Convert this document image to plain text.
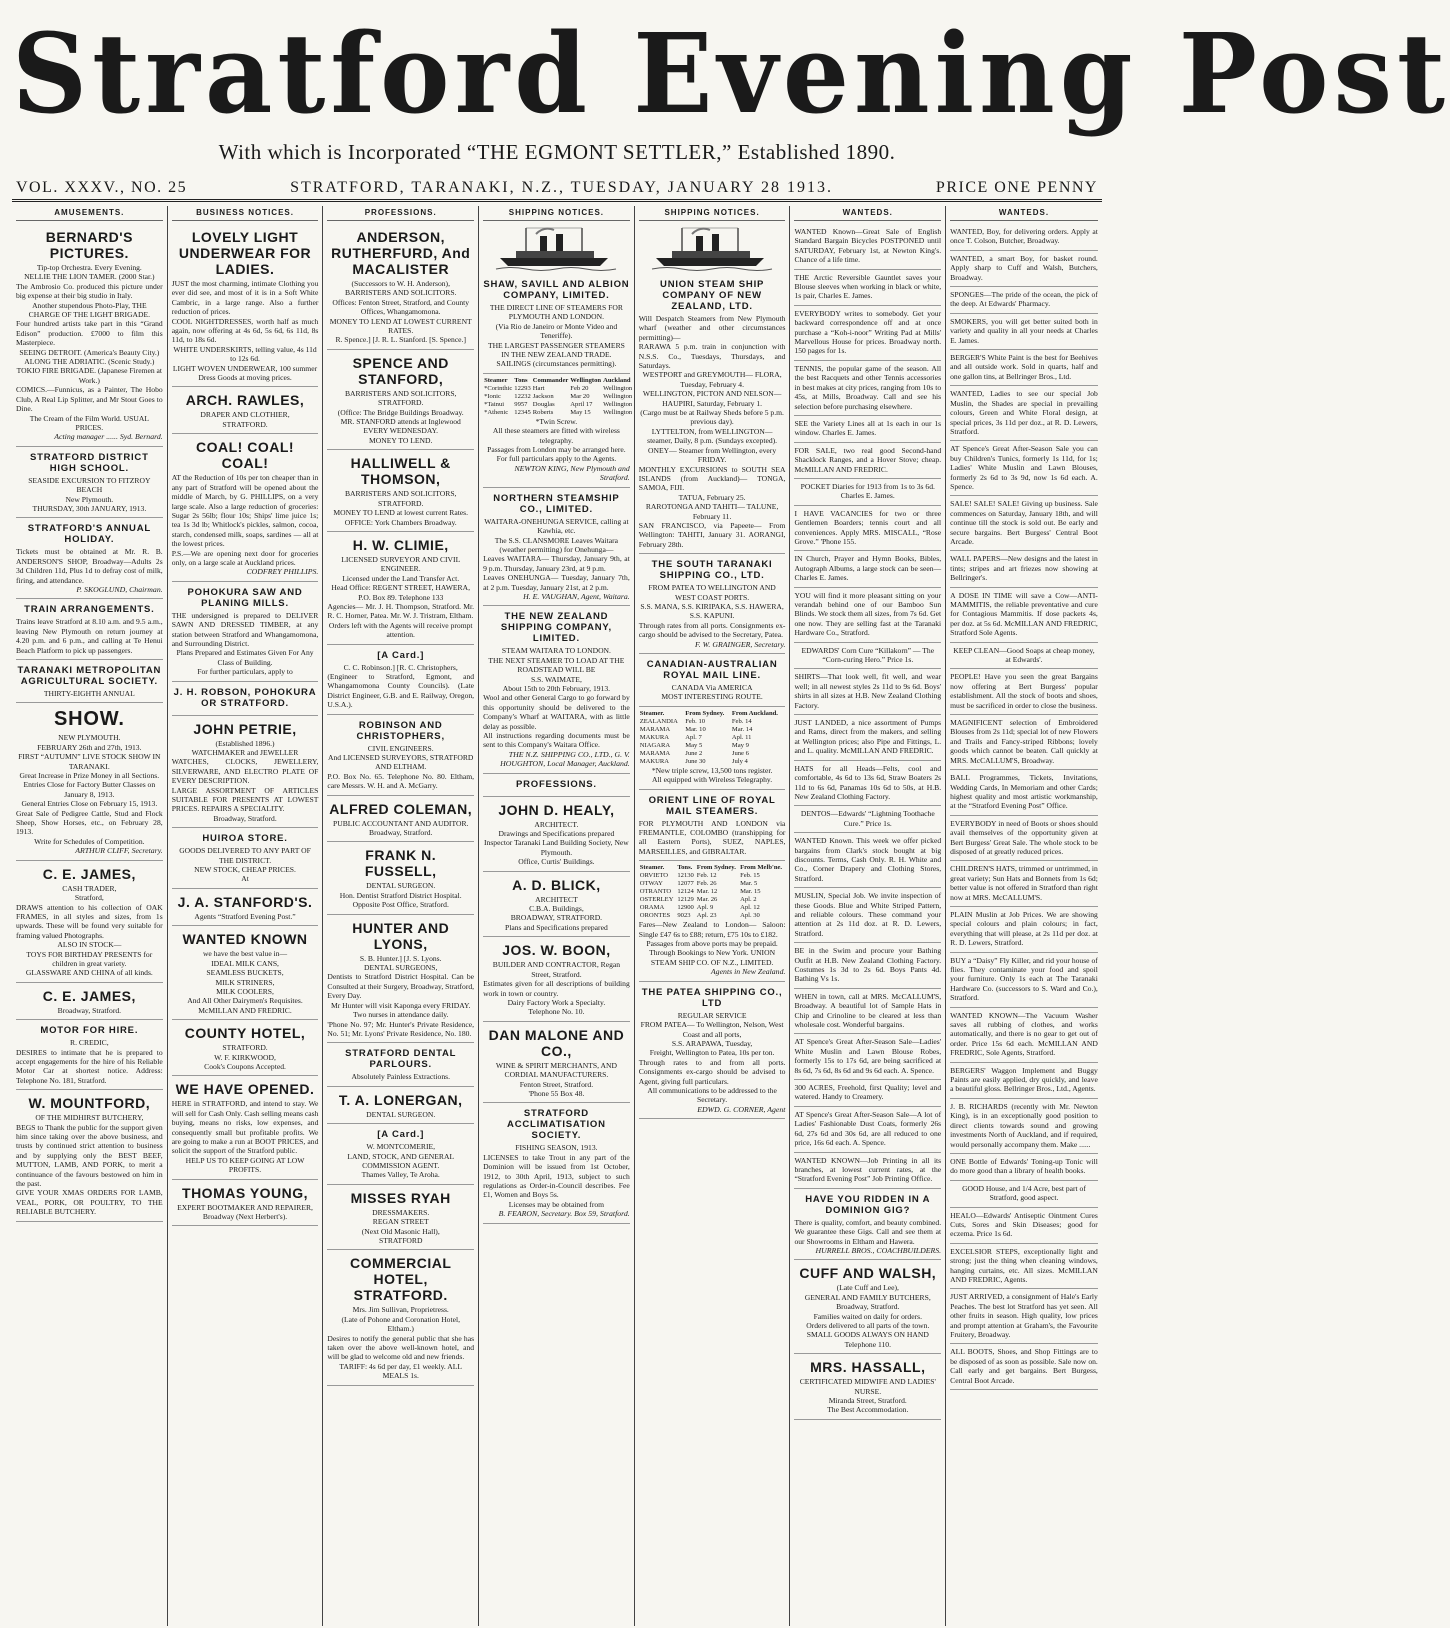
Stratford Evening Post
With which is Incorporated “THE EGMONT SETTLER,” Established 1890.
VOL. XXXV., NO. 25	STRATFORD, TARANAKI, N.Z., TUESDAY, JANUARY 28 1913.	PRICE ONE PENNY
AMUSEMENTS.
BERNARD'S PICTURES.
Tip-top Orchestra. Every Evening.
NELLIE THE LION TAMER. (2000 Star.)
The Ambrosio Co. produced this picture under big expense at their big studio in Italy.
Another stupendous Photo-Play, THE CHARGE OF THE LIGHT BRIGADE.
Four hundred artists take part in this “Grand Edison” production. £7000 to film this Masterpiece.
SEEING DETROIT. (America's Beauty City.)
ALONG THE ADRIATIC. (Scenic Study.)
TOKIO FIRE BRIGADE. (Japanese Firemen at Work.)
COMICS.—Funnicus, as a Painter, The Hobo Club, A Real Lip Splitter, and Mr Stout Goes to Dine.
The Cream of the Film World. USUAL PRICES.
Acting manager ...... Syd. Bernard.
STRATFORD DISTRICT HIGH SCHOOL.
SEASIDE EXCURSION TO FITZROY BEACH
New Plymouth.
THURSDAY, 30th JANUARY, 1913.
STRATFORD'S ANNUAL HOLIDAY.
Tickets must be obtained at Mr. R. B. ANDERSON'S SHOP, Broadway—Adults 2s 3d Children 11d, Plus 1d to defray cost of milk, firing, and attendance.
P. SKOGLUND, Chairman.
TRAIN ARRANGEMENTS.
Trains leave Stratford at 8.10 a.m. and 9.5 a.m., leaving New Plymouth on return journey at 4.20 p.m. and 6 p.m., and calling at Te Henui Beach Platform to pick up passengers.
TARANAKI METROPOLITAN AGRICULTURAL SOCIETY.
THIRTY-EIGHTH ANNUAL
SHOW.
NEW PLYMOUTH.
FEBRUARY 26th and 27th, 1913.
FIRST “AUTUMN” LIVE STOCK SHOW IN TARANAKI.
Great Increase in Prize Money in all Sections.
Entries Close for Factory Butter Classes on January 8, 1913.
General Entries Close on February 15, 1913.
Great Sale of Pedigree Cattle, Stud and Flock Sheep, Show Horses, etc., on February 28, 1913.
Write for Schedules of Competition.
ARTHUR CLIFF, Secretary.
C. E. JAMES,
CASH TRADER,
Stratford,
DRAWS attention to his collection of OAK FRAMES, in all styles and sizes, from 1s upwards. These will be found very suitable for framing valued Photographs.
ALSO IN STOCK—
TOYS FOR BIRTHDAY PRESENTS for children in great variety.
GLASSWARE AND CHINA of all kinds.
C. E. JAMES,
Broadway, Stratford.
MOTOR FOR HIRE.
R. CREDIC,
DESIRES to intimate that he is prepared to accept engagements for the hire of his Reliable Motor Car at shortest notice. Address: Telephone No. 181, Stratford.
W. MOUNTFORD,
OF THE MIDHIRST BUTCHERY,
BEGS to Thank the public for the support given him since taking over the above business, and trusts by continued strict attention to business and by supplying only the BEST BEEF, MUTTON, LAMB, AND PORK, to merit a continuance of the favours bestowed on him in the past.
GIVE YOUR XMAS ORDERS FOR LAMB, VEAL, PORK, OR POULTRY, TO THE RELIABLE BUTCHERY.
BUSINESS NOTICES.
LOVELY LIGHT UNDERWEAR FOR LADIES.
JUST the most charming, intimate Clothing you ever did see, and most of it is in a Soft White Cambric, in a large range. Also a further reduction of prices.
COOL NIGHTDRESSES, worth half as much again, now offering at 4s 6d, 5s 6d, 6s 11d, 8s 11d, to 18s 6d.
WHITE UNDERSKIRTS, telling value, 4s 11d to 12s 6d.
LIGHT WOVEN UNDERWEAR, 100 summer Dress Goods at moving prices.
ARCH. RAWLES,
DRAPER AND CLOTHIER,
STRATFORD.
COAL! COAL! COAL!
AT the Reduction of 10s per ton cheaper than in any part of Stratford will be opened about the middle of March, by G. PHILLIPS, on a very large scale. Also a large reduction of groceries: Sugar 2s 56lb; flour 10s; Ships' lime juice 1s; tea 1s 3d lb; Whitlock's pickles, salmon, cocoa, starch, condensed milk, soaps, sardines — all at the lowest prices.
P.S.—We are opening next door for groceries only, on a large scale at Auckland prices.
CODFREY PHILLIPS.
POHOKURA SAW AND PLANING MILLS.
THE undersigned is prepared to DELIVER SAWN AND DRESSED TIMBER, at any station between Stratford and Whangamomona, and Surrounding District.
Plans Prepared and Estimates Given For Any Class of Building.
For further particulars, apply to
J. H. ROBSON, POHOKURA OR STRATFORD.
JOHN PETRIE,
(Established 1896.)
WATCHMAKER and JEWELLER
WATCHES, CLOCKS, JEWELLERY, SILVERWARE, AND ELECTRO PLATE OF EVERY DESCRIPTION.
LARGE ASSORTMENT OF ARTICLES SUITABLE FOR PRESENTS AT LOWEST PRICES. REPAIRS A SPECIALITY.
Broadway, Stratford.
HUIROA STORE.
GOODS DELIVERED TO ANY PART OF THE DISTRICT.
NEW STOCK, CHEAP PRICES.
At
J. A. STANFORD'S.
Agents “Stratford Evening Post.”
WANTED KNOWN
we have the best value in—
IDEAL MILK CANS,
SEAMLESS BUCKETS,
MILK STRINERS,
MILK COOLERS,
And All Other Dairymen's Requisites.
McMILLAN AND FREDRIC.
COUNTY HOTEL,
STRATFORD.
W. F. KIRKWOOD,
Cook's Coupons Accepted.
WE HAVE OPENED.
HERE in STRATFORD, and intend to stay. We will sell for Cash Only. Cash selling means cash buying, means no risks, low expenses, and consequently small but profitable profits. We are going to make a run at BOOT PRICES, and solicit the support of the Stratford public.
HELP US TO KEEP GOING AT LOW PROFITS.
THOMAS YOUNG,
EXPERT BOOTMAKER AND REPAIRER,
Broadway (Next Herbert's).
PROFESSIONS.
ANDERSON, RUTHERFURD, And MACALISTER
(Successors to W. H. Anderson),
BARRISTERS AND SOLICITORS.
Offices: Fenton Street, Stratford, and County Offices, Whangamomona.
MONEY TO LEND AT LOWEST CURRENT RATES.
R. Spence.] [J. R. L. Stanford. [S. Spence.]
SPENCE AND STANFORD,
BARRISTERS AND SOLICITORS, STRATFORD.
(Office: The Bridge Buildings Broadway.
MR. STANFORD attends at Inglewood EVERY WEDNESDAY.
MONEY TO LEND.
HALLIWELL & THOMSON,
BARRISTERS AND SOLICITORS, STRATFORD.
MONEY TO LEND at lowest current Rates.
OFFICE: York Chambers Broadway.
H. W. CLIMIE,
LICENSED SURVEYOR AND CIVIL ENGINEER.
Licensed under the Land Transfer Act.
Head Office: REGENT STREET, HAWERA, P.O. Box 89. Telephone 133
Agencies— Mr. J. H. Thompson, Stratford. Mr. R. C. Horner, Patea. Mr. W. J. Tristram, Eltham.
Orders left with the Agents will receive prompt attention.
[A Card.]
C. C. Robinson.] [R. C. Christophers,
(Engineer to Stratford, Egmont, and Whangamomona County Councils). (Late District Engineer, G.B. and E. Railway, Oregon, U.S.A.).
ROBINSON AND CHRISTOPHERS,
CIVIL ENGINEERS.
And LICENSED SURVEYORS, STRATFORD AND ELTHAM.
P.O. Box No. 65. Telephone No. 80. Eltham, care Messrs. W. H. and A. McGarry.
ALFRED COLEMAN,
PUBLIC ACCOUNTANT AND AUDITOR.
Broadway, Stratford.
FRANK N. FUSSELL,
DENTAL SURGEON.
Hon. Dentist Stratford District Hospital.
Opposite Post Office, Stratford.
HUNTER AND LYONS,
S. B. Hunter.] [J. S. Lyons.
DENTAL SURGEONS,
Dentists to Stratford District Hospital. Can be Consulted at their Surgery, Broadway, Stratford, Every Day.
Mr Hunter will visit Kaponga every FRIDAY.
Two nurses in attendance daily.
'Phone No. 97; Mr. Hunter's Private Residence, No. 51; Mr. Lyons' Private Residence, No. 180.
STRATFORD DENTAL PARLOURS.
Absolutely Painless Extractions.
T. A. LONERGAN,
DENTAL SURGEON.
[A Card.]
W. MONTCOMERIE,
LAND, STOCK, AND GENERAL COMMISSION AGENT.
Thames Valley, Te Aroha.
MISSES RYAH
DRESSMAKERS.
REGAN STREET
(Next Old Masonic Hall),
STRATFORD
COMMERCIAL HOTEL, STRATFORD.
Mrs. Jim Sullivan, Proprietress.
(Late of Pohone and Coronation Hotel, Eltham.)
Desires to notify the general public that she has taken over the above well-known hotel, and will be glad to welcome old and new friends.
TARIFF: 4s 6d per day, £1 weekly. ALL MEALS 1s.
SHIPPING NOTICES.
SHAW, SAVILL AND ALBION COMPANY, LIMITED.
THE DIRECT LINE OF STEAMERS FOR PLYMOUTH AND LONDON.
(Via Rio de Janeiro or Monte Video and Teneriffe).
THE LARGEST PASSENGER STEAMERS IN THE NEW ZEALAND TRADE.
SAILINGS (circumstances permitting).
Steamer	Tons	Commander	Wellington	Auckland
*Corinthic	12293	Hart	Feb 20	Wellington
*Ionic	12232	Jackson	Mar 20	Wellington
*Tainui	9957	Douglas	April 17	Wellington
*Athenic	12345	Roberts	May 15	Wellington
*Twin Screw.
All these steamers are fitted with wireless telegraphy.
Passages from London may be arranged here.
For full particulars apply to the Agents.
NEWTON KING, New Plymouth and Stratford.
NORTHERN STEAMSHIP CO., LIMITED.
WAITARA-ONEHUNGA SERVICE, calling at Kawhia, etc.
The S.S. CLANSMORE Leaves Waitara (weather permitting) for Onehunga—
Leaves WAITARA— Thursday, January 9th, at 9 p.m. Thursday, January 23rd, at 9 p.m.
Leaves ONEHUNGA— Tuesday, January 7th, at 2 p.m. Tuesday, January 21st, at 2 p.m.
H. E. VAUGHAN, Agent, Waitara.
THE NEW ZEALAND SHIPPING COMPANY, LIMITED.
STEAM WAITARA TO LONDON.
THE NEXT STEAMER TO LOAD AT THE ROADSTEAD WILL BE
S.S. WAIMATE,
About 15th to 20th February, 1913.
Wool and other General Cargo to go forward by this opportunity should be delivered to the Company's Wharf at WAITARA, with as little delay as possible.
All instructions regarding documents must be sent to this Company's Waitara Office.
THE N.Z. SHIPPING CO., LTD., G. V. HOUGHTON, Local Manager, Auckland.
PROFESSIONS.
JOHN D. HEALY,
ARCHITECT.
Drawings and Specifications prepared
Inspector Taranaki Land Building Society, New Plymouth.
Office, Curtis' Buildings.
A. D. BLICK,
ARCHITECT
C.B.A. Buildings,
BROADWAY, STRATFORD.
Plans and Specifications prepared
JOS. W. BOON,
BUILDER AND CONTRACTOR, Regan Street, Stratford.
Estimates given for all descriptions of building work in town or country.
Dairy Factory Work a Specialty.
Telephone No. 10.
DAN MALONE AND CO.,
WINE & SPIRIT MERCHANTS, AND
CORDIAL MANUFACTURERS.
Fenton Street, Stratford.
'Phone 55 Box 48.
STRATFORD ACCLIMATISATION SOCIETY.
FISHING SEASON, 1913.
LICENSES to take Trout in any part of the Dominion will be issued from 1st October, 1912, to 30th April, 1913, subject to such regulations as Order-in-Council describes. Fee £1, Women and Boys 5s.
Licenses may be obtained from
B. FEARON, Secretary. Box 59, Stratford.
SHIPPING NOTICES.
UNION STEAM SHIP COMPANY OF NEW ZEALAND, LTD.
Will Despatch Steamers from New Plymouth wharf (weather and other circumstances permitting)—
RARAWA 5 p.m. train in conjunction with N.S.S. Co., Tuesdays, Thursdays, and Saturdays.
WESTPORT and GREYMOUTH— FLORA, Tuesday, February 4.
WELLINGTON, PICTON AND NELSON— HAUPIRI, Saturday, February 1.
(Cargo must be at Railway Sheds before 5 p.m. previous day).
LYTTELTON, from WELLINGTON— steamer, Daily, 8 p.m. (Sundays excepted).
ONEY— Steamer from Wellington, every FRIDAY.
MONTHLY EXCURSIONS to SOUTH SEA ISLANDS (from Auckland)— TONGA, SAMOA, FIJI.
TATUA, February 25.
RAROTONGA AND TAHITI— TALUNE, February 11.
SAN FRANCISCO, via Papeete— From Wellington: TAHITI, January 31. AORANGI, February 28th.
THE SOUTH TARANAKI SHIPPING CO., LTD.
FROM PATEA TO WELLINGTON AND WEST COAST PORTS.
S.S. MANA, S.S. KIRIPAKA, S.S. HAWERA, S.S. KAPUNI.
Through rates from all ports. Consignments ex-cargo should be advised to the Secretary, Patea.
F. W. GRAINGER, Secretary.
CANADIAN-AUSTRALIAN ROYAL MAIL LINE.
CANADA Via AMERICA
MOST INTERESTING ROUTE.
Steamer.	From Sydney.	From Auckland.
ZEALANDIA	Feb. 10	Feb. 14
MARAMA	Mar. 10	Mar. 14
MAKURA	Apl. 7	Apl. 11
NIAGARA	May 5	May 9
MARAMA	June 2	June 6
MAKURA	June 30	July 4
*New triple screw, 13,500 tons register.
All equipped with Wireless Telegraphy.
ORIENT LINE OF ROYAL MAIL STEAMERS.
FOR PLYMOUTH AND LONDON via FREMANTLE, COLOMBO (transhipping for all Eastern Ports), SUEZ, NAPLES, MARSEILLES, and GIBRALTAR.
Steamer.	Tons.	From Sydney.	From Melb'ne.
ORVIETO	12130	Feb. 12	Feb. 15
OTWAY	12077	Feb. 26	Mar. 5
OTRANTO	12124	Mar. 12	Mar. 15
OSTERLEY	12129	Mar. 26	Apl. 2
ORAMA	12900	Apl. 9	Apl. 12
ORONTES	9023	Apl. 23	Apl. 30
Fares—New Zealand to London— Saloon: Single £47 6s to £88; return, £75 10s to £182.
Passages from above ports may be prepaid.
Through Bookings to New York. UNION STEAM SHIP CO. OF N.Z., LIMITED.
Agents in New Zealand.
THE PATEA SHIPPING CO., LTD
REGULAR SERVICE
FROM PATEA— To Wellington, Nelson, West Coast and all ports,
S.S. ARAPAWA, Tuesday,
Freight, Wellington to Patea, 10s per ton.
Through rates to and from all ports. Consignments ex-cargo should be advised to Agent, giving full particulars.
All communications to be addressed to the Secretary.
EDWD. G. CORNER, Agent
WANTEDS.
WANTED Known—Great Sale of English Standard Bargain Bicycles POSTPONED until SATURDAY, February 1st, at Newton King's. Chance of a life time.
THE Arctic Reversible Gauntlet saves your Blouse sleeves when working in black or white, 1s pair, Charles E. James.
EVERYBODY writes to somebody. Get your backward correspondence off and at once purchase a “Koh-i-noor” Writing Pad at Mills' Marvellous House for prices. Broadway north. 150 pages for 1s.
TENNIS, the popular game of the season. All the best Racquets and other Tennis accessories in best makes at city prices, ranging from 10s to 45s, at Mills, Broadway. Call and see his selection before purchasing elsewhere.
SEE the Variety Lines all at 1s each in our 1s window. Charles E. James.
FOR SALE, two real good Second-hand Shacklock Ranges, and a Hover Stove; cheap. McMILLAN AND FREDRIC.
POCKET Diaries for 1913 from 1s to 3s 6d. Charles E. James.
I HAVE VACANCIES for two or three Gentlemen Boarders; tennis court and all conveniences. Apply MRS. MISCALL, “Rose Grove.” 'Phone 155.
IN Church, Prayer and Hymn Books, Bibles, Autograph Albums, a large stock can be seen—Charles E. James.
YOU will find it more pleasant sitting on your verandah behind one of our Bamboo Sun Blinds. We stock them all sizes, from 7s 6d. Get one now. They are selling fast at the Taranaki Hardware Co., Stratford.
EDWARDS' Corn Cure “Killakorn” — The “Corn-curing Hero.” Price 1s.
SHIRTS—That look well, fit well, and wear well; in all newest styles 2s 11d to 9s 6d. Boys' shirts in all sizes at H.B. New Zealand Clothing Factory.
JUST LANDED, a nice assortment of Pumps and Rams, direct from the makers, and selling at Wellington prices; also Pipe and Fittings, L. and L. quality. McMILLAN AND FREDRIC.
HATS for all Heads—Felts, cool and comfortable, 4s 6d to 13s 6d, Straw Boaters 2s 11d to 6s 6d, Panamas 10s 6d to 50s, at H.B. New Zealand Clothing Factory.
DENTOS—Edwards' “Lightning Toothache Cure.” Price 1s.
WANTED Known. This week we offer picked bargains from Clark's stock bought at big discounts. Terms, Cash Only. R. H. White and Co., Corner Drapery and Clothing Stores, Stratford.
MUSLIN, Special Job. We invite inspection of these Goods. Blue and White Striped Pattern, and reliable colours. These command your attention at 2s 11d doz. at R. D. Lewers, Stratford.
BE in the Swim and procure your Bathing Outfit at H.B. New Zealand Clothing Factory. Costumes 1s 3d to 2s 6d. Boys Pants 4d. Bathing Vs 1s.
WHEN in town, call at MRS. McCALLUM'S, Broadway. A beautiful lot of Sample Hats in Chip and Crinoline to be cleared at less than wholesale cost. Wonderful bargains.
AT Spence's Great After-Season Sale—Ladies' White Muslin and Lawn Blouse Robes, formerly 15s to 17s 6d, are being sacrificed at 8s 6d, 7s 6d, 8s 6d and 9s 6d each. A. Spence.
300 ACRES, Freehold, first Quality; level and watered. Handy to Creamery.
AT Spence's Great After-Season Sale—A lot of Ladies' Fashionable Dust Coats, formerly 26s 6d, 27s 6d and 30s 6d, are all reduced to one price, 16s 6d each. A. Spence.
WANTED KNOWN—Job Printing in all its branches, at lowest current rates, at the “Stratford Evening Post” Job Printing Office.
HAVE YOU RIDDEN IN A DOMINION GIG?
There is quality, comfort, and beauty combined. We guarantee these Gigs. Call and see them at our Showrooms in Eltham and Hawera.
HURRELL BROS., COACHBUILDERS.
CUFF AND WALSH,
(Late Cuff and Lee),
GENERAL AND FAMILY BUTCHERS,
Broadway, Stratford.
Families waited on daily for orders.
Orders delivered to all parts of the town.
SMALL GOODS ALWAYS ON HAND
Telephone 110.
MRS. HASSALL,
CERTIFICATED MIDWIFE AND LADIES' NURSE.
Miranda Street, Stratford.
The Best Accommodation.
WANTEDS.
WANTED, Boy, for delivering orders. Apply at once T. Colson, Butcher, Broadway.
WANTED, a smart Boy, for basket round. Apply sharp to Cuff and Walsh, Butchers, Broadway.
SPONGES—The pride of the ocean, the pick of the deep. At Edwards' Pharmacy.
SMOKERS, you will get better suited both in variety and quality in all your needs at Charles E. James.
BERGER'S White Paint is the best for Beehives and all outside work. Sold in quarts, half and one gallon tins, at Bellringer Bros., Ltd.
WANTED, Ladies to see our special Job Muslin, the Shades are special in prevailing colours, Green and White Floral design, at special prices, 3s 11d per doz., at R. D. Lewers, Stratford.
AT Spence's Great After-Season Sale you can buy Children's Tunics, formerly 1s 11d, for 1s; Ladies' White Muslin and Lawn Blouses, formerly 2s 6d to 3s 9d, now 1s 6d each. A. Spence.
SALE! SALE! SALE! Giving up business. Sale commences on Saturday, January 18th, and will continue till the stock is sold out. Be early and secure bargains. Bert Burgess' Central Boot Arcade.
WALL PAPERS—New designs and the latest in tints; stripes and art friezes now showing at Bellringer's.
A DOSE IN TIME will save a Cow—ANTI-MAMMITIS, the reliable preventative and cure for Contagious Mammitis. If dose packets 4s, per doz. at 5s 6d. McMILLAN AND FREDRIC, Stratford Sole Agents.
KEEP CLEAN—Good Soaps at cheap money, at Edwards'.
PEOPLE! Have you seen the great Bargains now offering at Bert Burgess' popular establishment. All the stock of boots and shoes, must be sacrificed in order to close the business.
MAGNIFICENT selection of Embroidered Blouses from 2s 11d; special lot of new Flowers and Trails and Fancy-striped Ribbons; lovely goods which cannot be beaten. Call quickly at MRS. McCALLUM'S, Broadway.
BALL Programmes, Tickets, Invitations, Wedding Cards, In Memoriam and other Cards; highest quality and most artistic workmanship, at the “Stratford Evening Post” Office.
EVERYBODY in need of Boots or shoes should avail themselves of the opportunity given at Bert Burgess' Great Sale. The whole stock to be disposed of at greatly reduced prices.
CHILDREN'S HATS, trimmed or untrimmed, in great variety; Sun Hats and Bonnets from 1s 6d; better value is not offered in Stratford than right now at MRS. McCALLUM'S.
PLAIN Muslin at Job Prices. We are showing special colours and plain colours; in fact, everything that will please, at 2s 11d per doz. at R. D. Lewers, Stratford.
BUY a “Daisy” Fly Killer, and rid your house of flies. They contaminate your food and spoil your furniture. Only 1s each at The Taranaki Hardware Co. (successors to S. Ward and Co.), Stratford.
WANTED KNOWN—The Vacuum Washer saves all rubbing of clothes, and works automatically, and there is no gear to get out of order. Price 15s 6d each. McMILLAN AND FREDRIC, Sole Agents, Stratford.
BERGERS' Waggon Implement and Buggy Paints are easily applied, dry quickly, and leave a beautiful gloss. Bellringer Bros., Ltd., Agents.
J. B. RICHARDS (recently with Mr. Newton King), is in an exceptionally good position to direct clients towards sound and growing investments North of Auckland, and if required, would personally accompany them. Make ......
ONE Bottle of Edwards' Toning-up Tonic will do more good than a library of health books.
GOOD House, and 1/4 Acre, best part of Stratford, good aspect.
HEALO—Edwards' Antiseptic Ointment Cures Cuts, Sores and Skin Diseases; good for eczema. Price 1s 6d.
EXCELSIOR STEPS, exceptionally light and strong; just the thing when cleaning windows, hanging curtains, etc. All sizes. McMILLAN AND FREDRIC, Agents.
JUST ARRIVED, a consignment of Hale's Early Peaches. The best lot Stratford has yet seen. All other fruits in season. High quality, low prices and prompt attention at Graham's, the Favourite Fruitery, Broadway.
ALL BOOTS, Shoes, and Shop Fittings are to be disposed of as soon as possible. Sale now on. Call early and get bargains. Bert Burgess, Central Boot Arcade.
